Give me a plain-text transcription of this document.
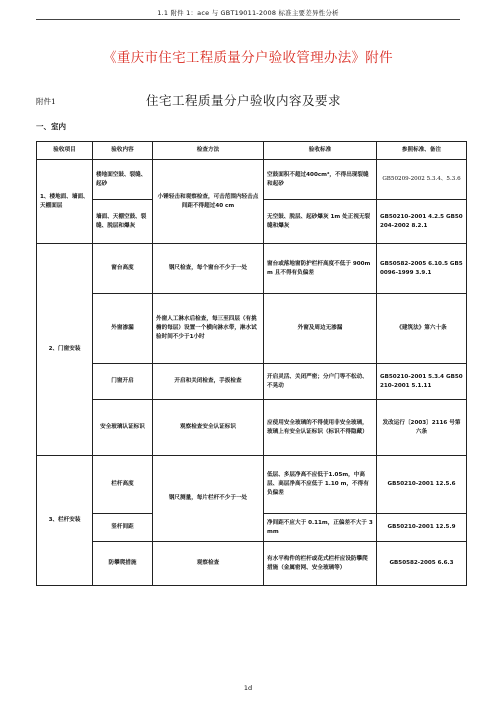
1.1 附件 1：ace 与 GBT19011-2008 标准主要差异性分析
《重庆市住宅工程质量分户验收管理办法》附件
附件1	住宅工程质量分户验收内容及要求
一、室内
验收项目	验收内容	检查方法	验收标准	参照标准、备注
1、楼地面、墙面、天棚面层	楼地面空鼓、裂缝、起砂	小锤轻击和观察检查，可击范围内轻击点间距不得超过40 cm	空鼓面积不超过400cm²，不得出现裂缝和起砂	GB50209-2002 5.3.4、5.3.6
	墙面、天棚空鼓、裂缝、脱层和爆灰		无空鼓、脱层、起砂爆灰 1m 处正视无裂缝和爆灰	GB50210-2001 4.2.5 GB50204-2002 8.2.1
2、门窗安装	窗台高度	钢尺检查，每个窗台不少于一处	窗台或落地窗防护栏杆高度不低于 900mm 且不得有负偏差	GB50582-2005 6.10.5 GB50096-1999 3.9.1
	外窗渗漏	外窗人工淋水后检查，每三至四层（有挑檐的每层）设置一个横向淋水带，淋水试验时间不少于1小时	外窗及周边无渗漏	《建筑法》第六十条
	门窗开启	开启和关闭检查，手扳检查	开启灵活、关闭严密；分户门等不松动、不晃动	GB50210-2001 5.3.4 GB50210-2001 5.1.11
	安全玻璃认证标识	观察检查安全认证标识	应使用安全玻璃的不得使用非安全玻璃，玻璃上有安全认证标识（标识不得隐藏）	发改运行〔2003〕2116 号第六条
3、栏杆安装	栏杆高度	钢尺测量，每片栏杆不少于一处	低层、多层净高不应低于1.05m，中高层、高层净高不应低于 1.10 m，不得有负偏差	GB50210-2001 12.5.6
	竖杆间距		净间距不应大于 0.11m，正偏差不大于 3mm	GB50210-2001 12.5.9
	防攀爬措施	观察检查	有水平构件的栏杆或花式栏杆应设防攀爬措施（金属密网、安全玻璃等）	GB50582-2005 6.6.3
1d
